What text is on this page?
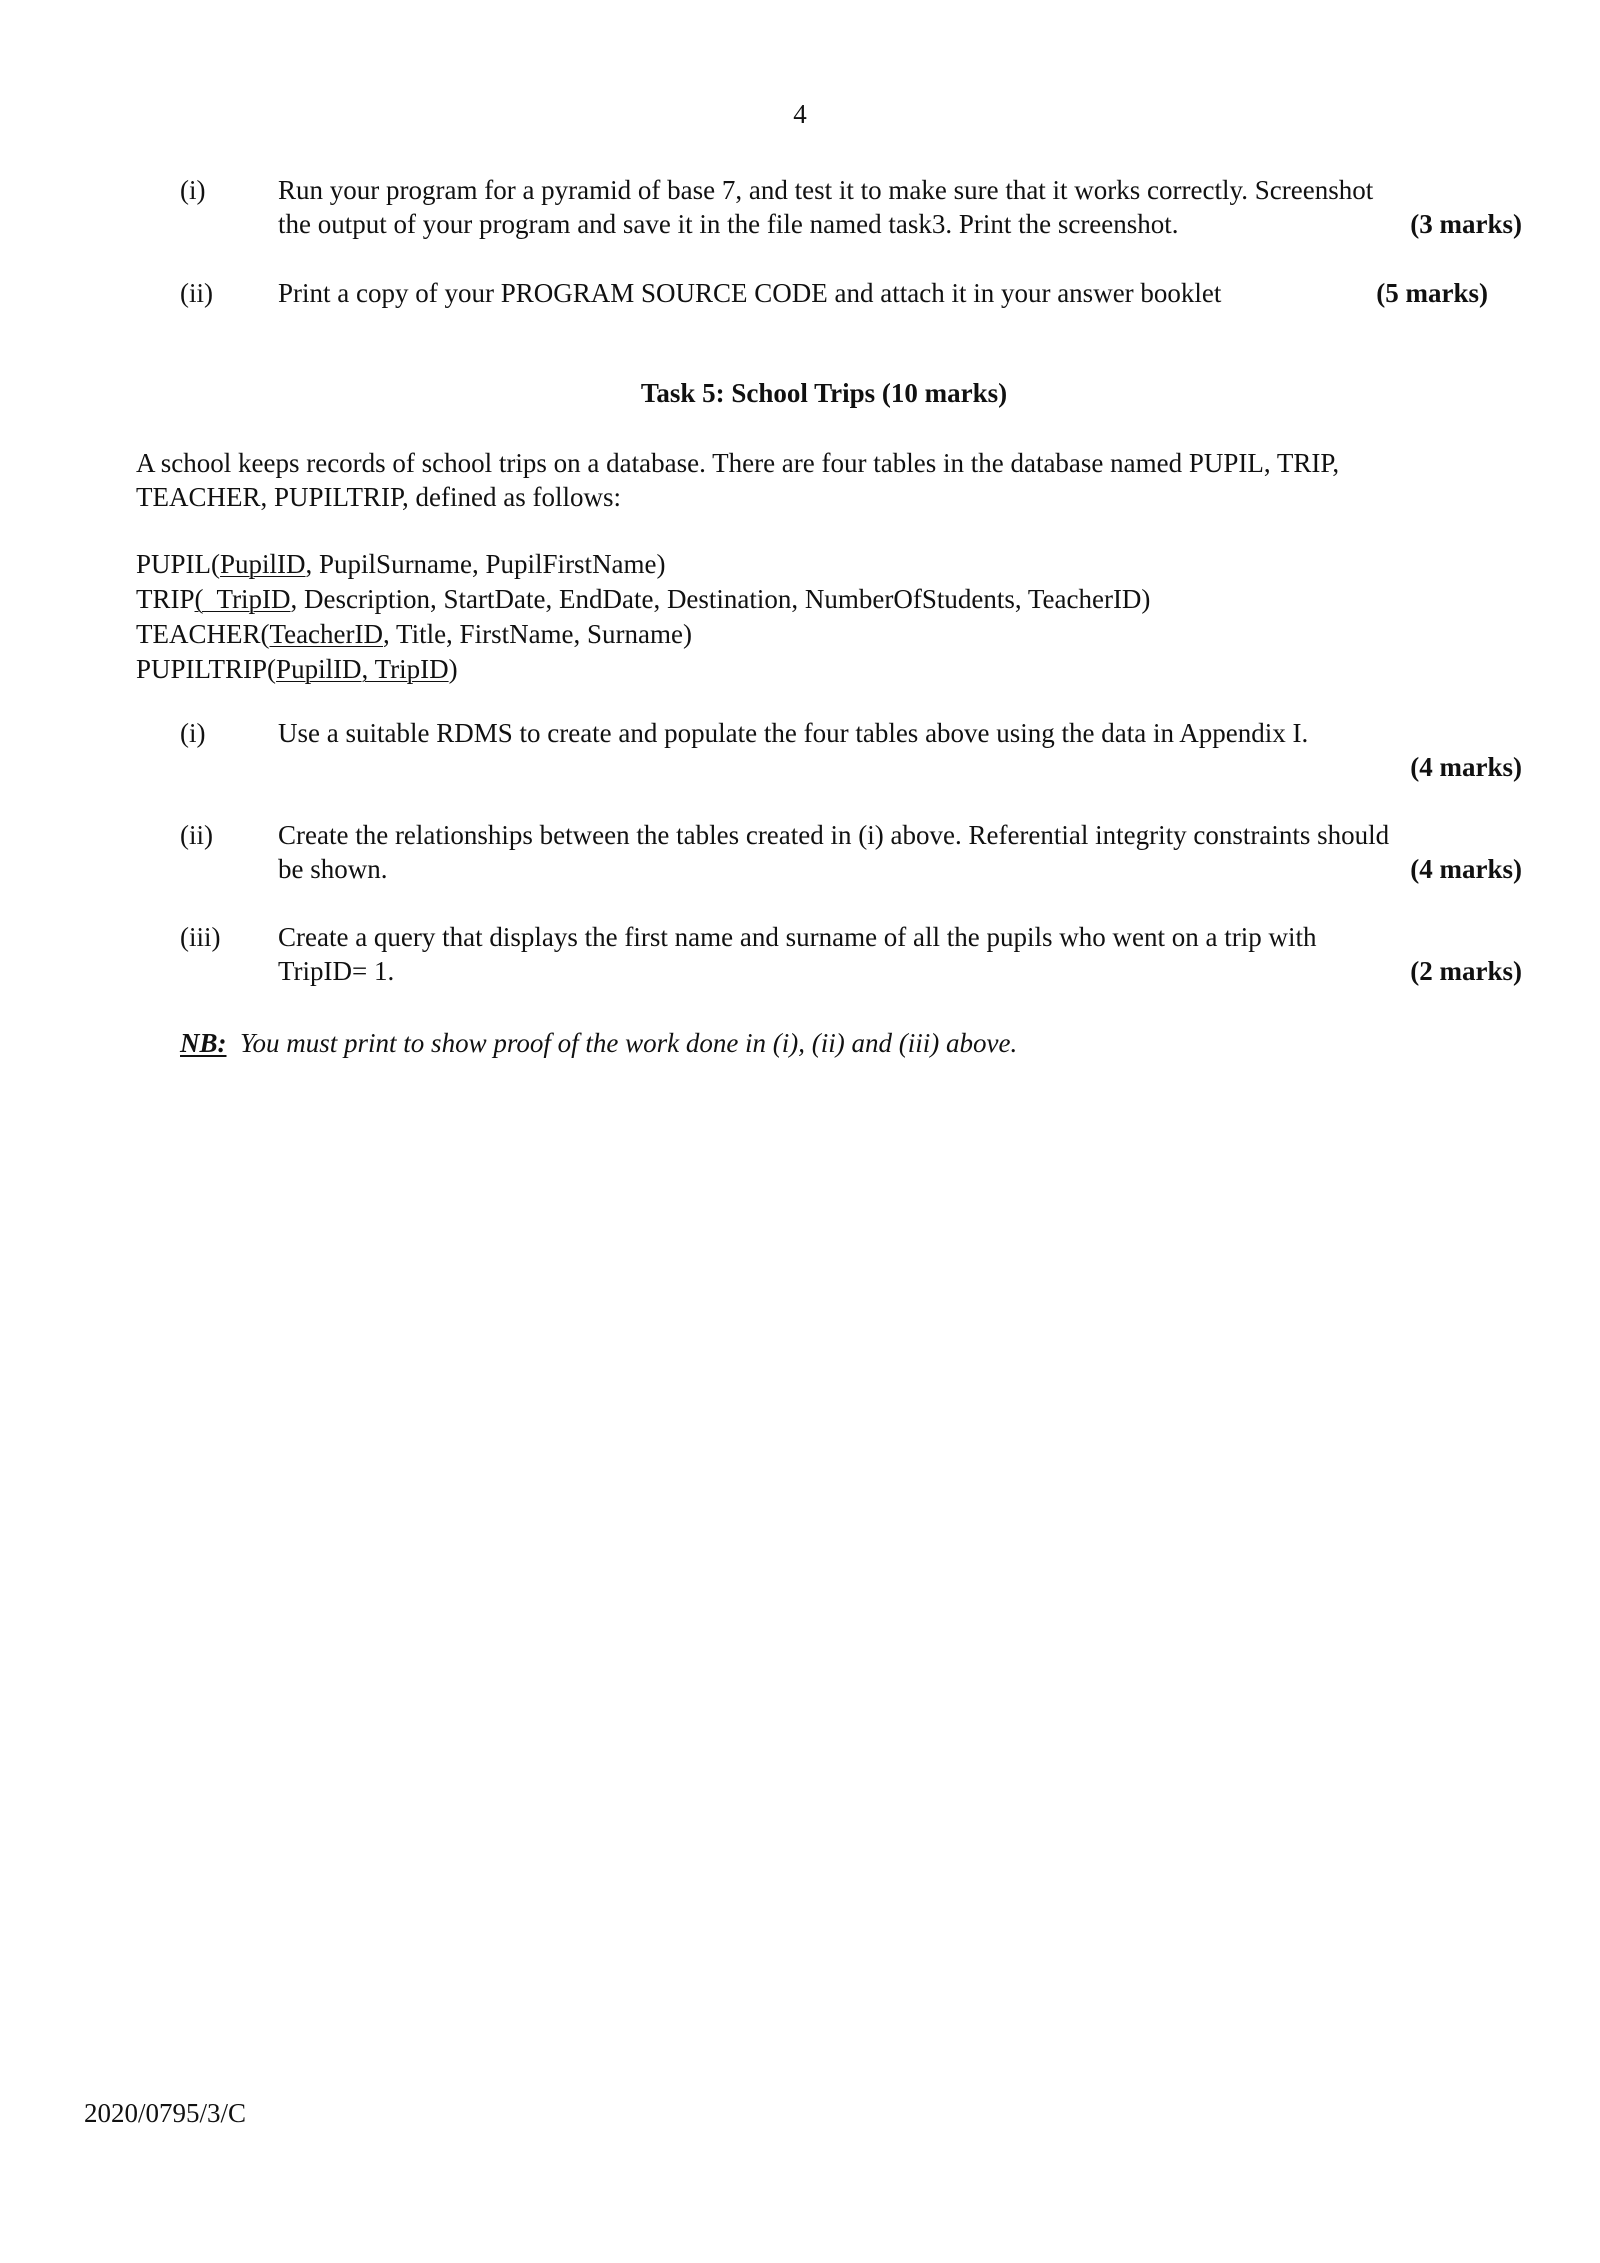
4
(i)	Run your program for a pyramid of base 7, and test it to make sure that it works correctly. Screenshot
the output of your program and save it in the file named task3. Print the screenshot.	(3 marks)
(ii) Print a copy of your PROGRAM SOURCE CODE and attach it in your answer booklet	(5 marks)
Task 5: School Trips (10 marks)
A school keeps records of school trips on a database. There are four tables in the database named PUPIL, TRIP,
TEACHER, PUPILTRIP, defined as follows:
PUPIL(PupilID, PupilSurname, PupilFirstName)
TRIP(  TripID, Description, StartDate, EndDate, Destination, NumberOfStudents, TeacherID)
TEACHER(TeacherID, Title, FirstName, Surname)
PUPILTRIP(PupilID, TripID)
(i)	Use a suitable RDMS to create and populate the four tables above using the data in Appendix I.
(4 marks)
(ii) Create the relationships between the tables created in (i) above. Referential integrity constraints should
be shown.	(4 marks)
(iii) Create a query that displays the first name and surname of all the pupils who went on a trip with
TripID= 1.	(2 marks)
NB: You must print to show proof of the work done in (i), (ii) and (iii) above.
2020/0795/3/C
